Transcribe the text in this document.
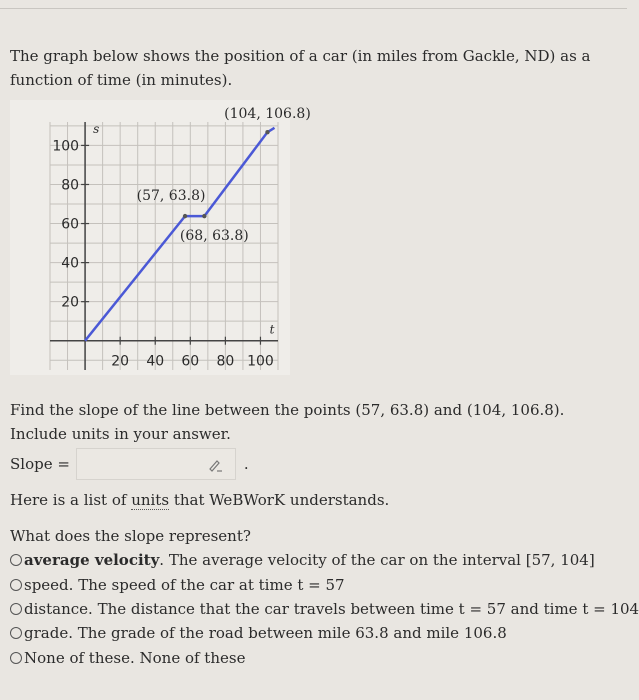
The graph below shows the position of a car (in miles from Gackle, ND) as a function of time (in minutes).
20 40 60 80 100
20
40
60
80
100
t
s
(104, 106.8)
(57, 63.8)
(68, 63.8)
Find the slope of the line between the points (57, 63.8) and (104, 106.8). Include units in your answer.
Slope =	.
Here is a list of units that WeBWorK understands.
What does the slope represent?
average velocity. The average velocity of the car on the interval [57, 104]
speed. The speed of the car at time t = 57
distance. The distance that the car travels between time t = 57 and time t = 104
grade. The grade of the road between mile 63.8 and mile 106.8
None of these. None of these
